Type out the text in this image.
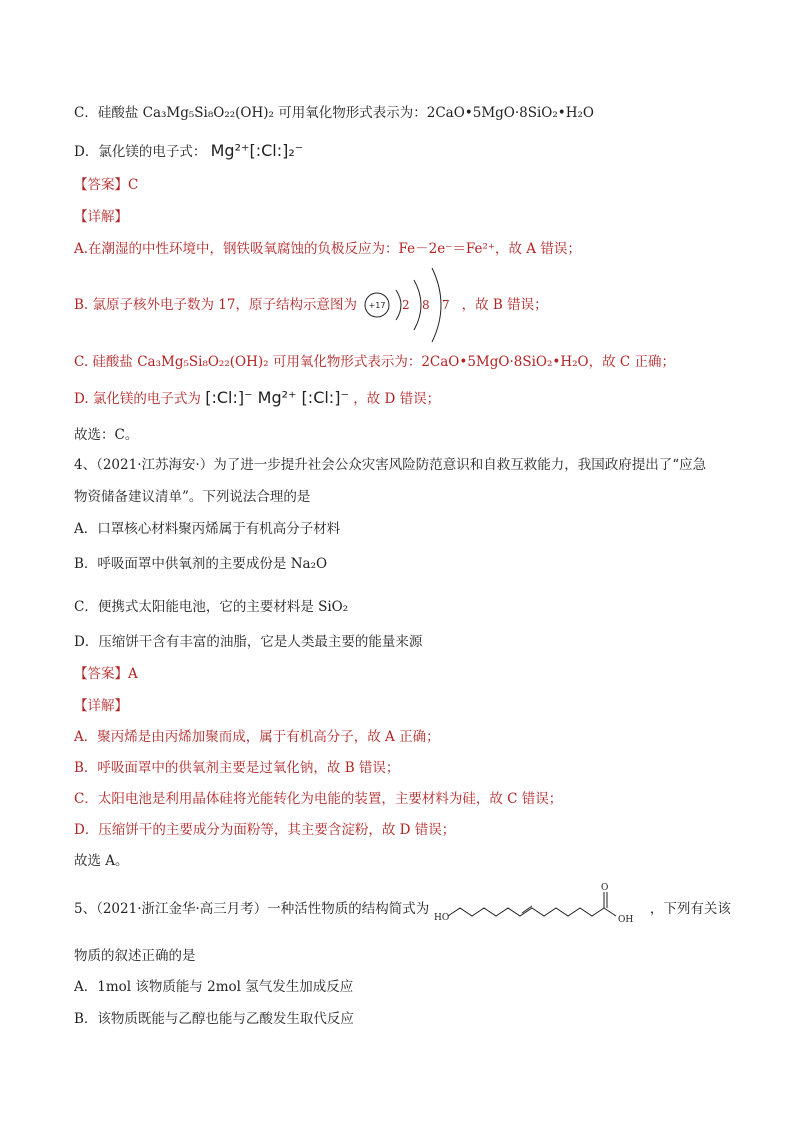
C．硅酸盐 Ca₃Mg₅Si₈O₂₂(OH)₂ 可用氧化物形式表示为：2CaO•5MgO·8SiO₂•H₂O
D．氯化镁的电子式： Mg²⁺[:Cl:]₂⁻
【答案】C
【详解】
A.在潮湿的中性环境中，钢铁吸氧腐蚀的负极反应为：Fe－2e⁻＝Fe²⁺，故 A 错误；
B. 氯原子核外电子数为 17，原子结构示意图为	，故 B 错误；
+17 2 8 7
C. 硅酸盐 Ca₃Mg₅Si₈O₂₂(OH)₂ 可用氧化物形式表示为：2CaO•5MgO·8SiO₂•H₂O，故 C 正确；
D. 氯化镁的电子式为 [:Cl:]⁻ Mg²⁺ [:Cl:]⁻ ，故 D 错误；
故选：C。
4、（2021·江苏海安·）为了进一步提升社会公众灾害风险防范意识和自救互救能力，我国政府提出了“应急
物资储备建议清单”。下列说法合理的是
A．口罩核心材料聚丙烯属于有机高分子材料
B．呼吸面罩中供氧剂的主要成份是 Na₂O
C．便携式太阳能电池，它的主要材料是 SiO₂
D．压缩饼干含有丰富的油脂，它是人类最主要的能量来源
【答案】A
【详解】
A．聚丙烯是由丙烯加聚而成，属于有机高分子，故 A 正确；
B．呼吸面罩中的供氧剂主要是过氧化钠，故 B 错误；
C．太阳电池是利用晶体硅将光能转化为电能的装置，主要材料为硅，故 C 错误；
D．压缩饼干的主要成分为面粉等，其主要含淀粉，故 D 错误；
故选 A。
5、（2021·浙江金华·高三月考）一种活性物质的结构简式为	，下列有关该
HO
O
OH
物质的叙述正确的是
A．1mol 该物质能与 2mol 氢气发生加成反应
B．该物质既能与乙醇也能与乙酸发生取代反应
